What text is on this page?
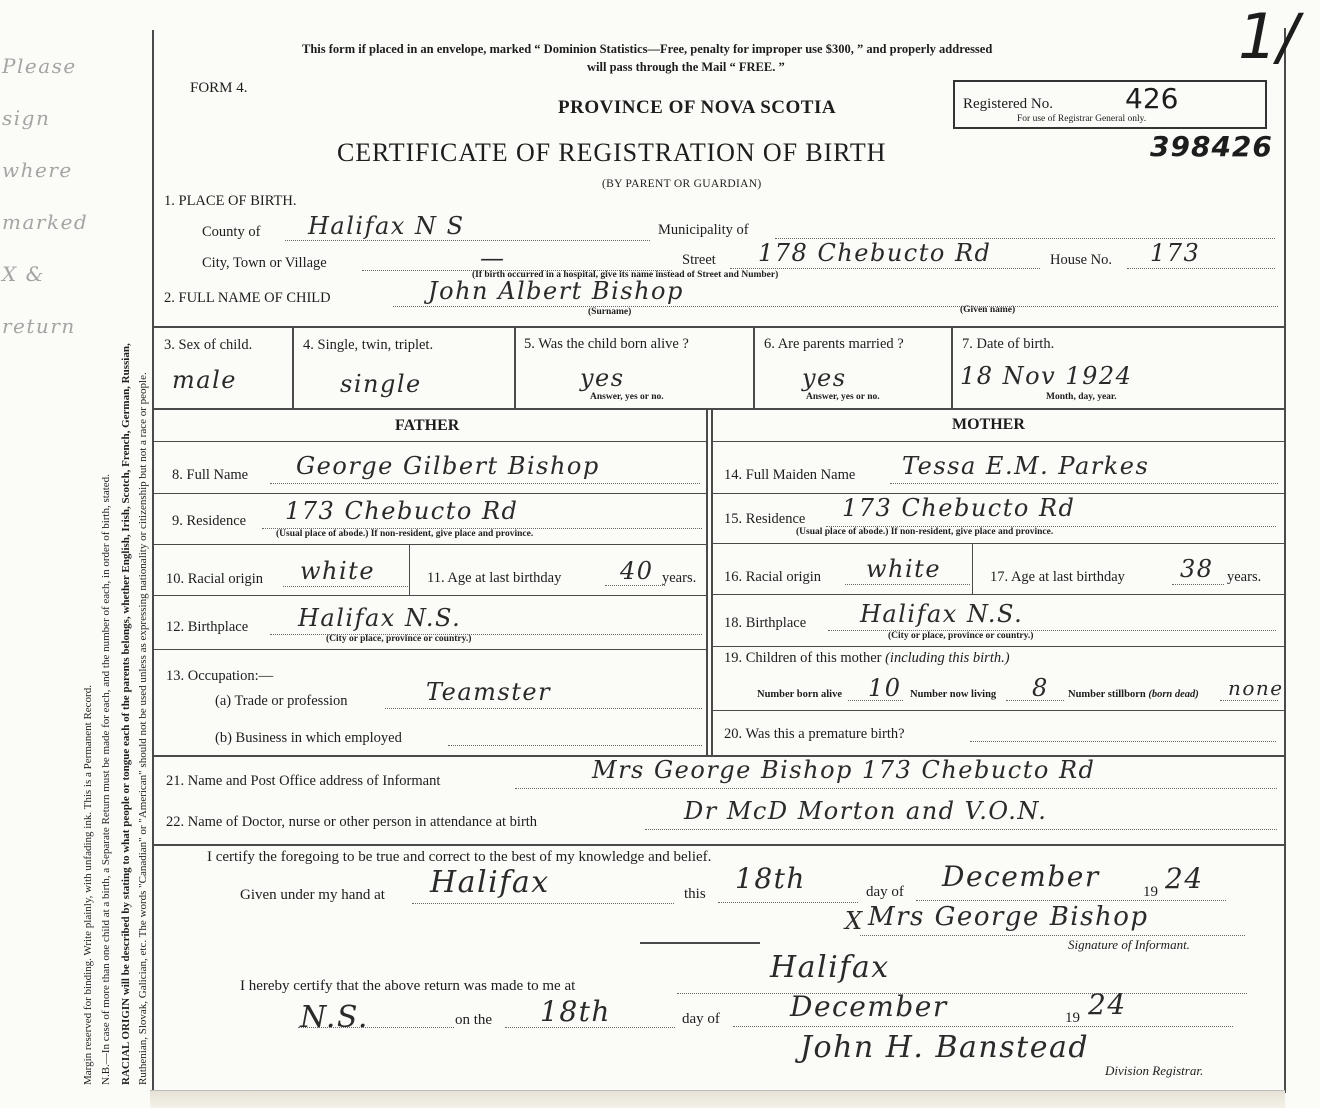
Margin reserved for binding. Write plainly, with unfading ink. This is a Permanent Record. N.B.—In case of more than one child at a birth, a Separate Return must be made for each, and the number of each, in order of birth, stated. RACIAL ORIGIN will be described by stating to what people or tongue each of the parents belongs, whether English, Irish, Scotch, French, German, Russian, Ruthenian, Slovak, Galician, etc. The words "Canadian" or "American" should not be used unless as expressing nationality or citizenship but not a race or people.
Please sign where marked X & return
This form if placed in an envelope, marked “ Dominion Statistics—Free, penalty for improper use $300, ” and properly addressed
will pass through the Mail “ FREE. ”
FORM 4.
PROVINCE OF NOVA SCOTIA
CERTIFICATE OF REGISTRATION OF BIRTH
(BY PARENT OR GUARDIAN)
Registered No.	426
For use of Registrar General only.
398426
1/
1. PLACE OF BIRTH.
County of Halifax N S	Municipality of
City, Town or Village	—	Street 178 Chebucto Rd	House No. 173
(If birth occurred in a hospital, give its name instead of Street and Number)
2. FULL NAME OF CHILD	John Albert Bishop
(Surname)	(Given name)
3. Sex of child.
male
4. Single, twin, triplet.
single
5. Was the child born alive ?
yes
Answer, yes or no.
6. Are parents married ?
yes
Answer, yes or no.
7. Date of birth.
18 Nov 1924
Month, day, year.
FATHER	MOTHER
8. Full Name George Gilbert Bishop
9. Residence 173 Chebucto Rd
(Usual place of abode.) If non-resident, give place and province.
10. Racial origin white	11. Age at last birthday 40 years.
12. Birthplace Halifax N.S.
(City or place, province or country.)
13. Occupation:—
(a) Trade or profession	Teamster
(b) Business in which employed
14. Full Maiden Name Tessa E.M. Parkes
15. Residence 173 Chebucto Rd
(Usual place of abode.) If non-resident, give place and province.
16. Racial origin white	17. Age at last birthday 38 years.
18. Birthplace Halifax N.S.
(City or place, province or country.)
19. Children of this mother (including this birth.)
Number born alive 10 Number now living 8 Number stillborn (born dead) none
20. Was this a premature birth?
21. Name and Post Office address of Informant	Mrs George Bishop 173 Chebucto Rd
22. Name of Doctor, nurse or other person in attendance at birth	Dr McD Morton and V.O.N.
I certify the foregoing to be true and correct to the best of my knowledge and belief.
Given under my hand at Halifax	this 18th	day of December	19 24
X Mrs George Bishop
Signature of Informant.
I hereby certify that the above return was made to me at
Halifax
N.S.	on the 18th	day of	December	19 24
John H. Banstead
Division Registrar.
